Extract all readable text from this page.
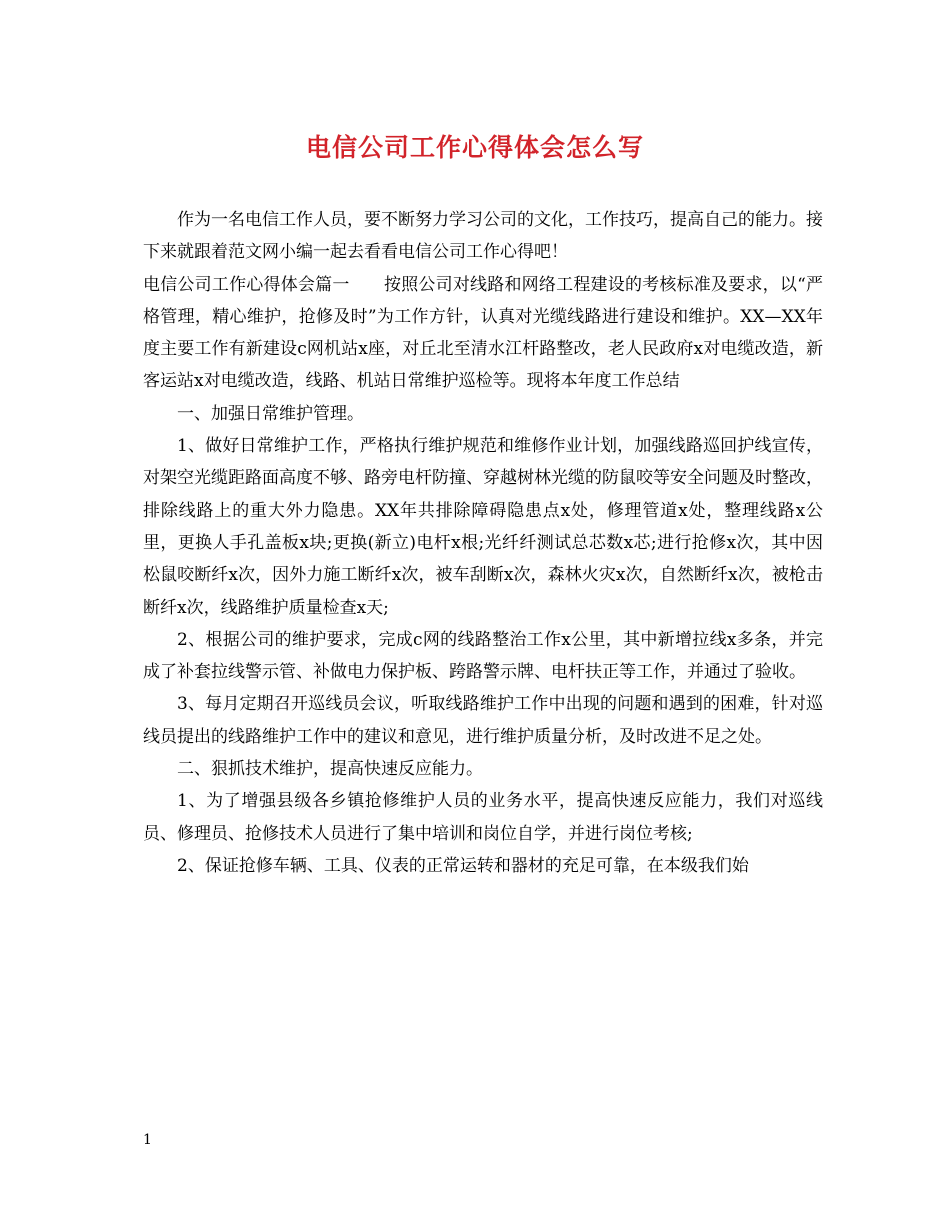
电信公司工作心得体会怎么写

作为一名电信工作人员，要不断努力学习公司的文化，工作技巧，提高自己的能力。接下来就跟着范文网小编一起去看看电信公司工作心得吧！

电信公司工作心得体会篇一　　按照公司对线路和网络工程建设的考核标准及要求，以“严格管理，精心维护，抢修及时”为工作方针，认真对光缆线路进行建设和维护。XX—XX年度主要工作有新建设c网机站x座，对丘北至清水江杆路整改，老人民政府x对电缆改造，新客运站x对电缆改造，线路、机站日常维护巡检等。现将本年度工作总结

一、加强日常维护管理。

1、做好日常维护工作，严格执行维护规范和维修作业计划，加强线路巡回护线宣传，对架空光缆距路面高度不够、路旁电杆防撞、穿越树林光缆的防鼠咬等安全问题及时整改，排除线路上的重大外力隐患。XX年共排除障碍隐患点x处，修理管道x处，整理线路x公里，更换人手孔盖板x块;更换(新立)电杆x根;光纤纤测试总芯数x芯;进行抢修x次，其中因松鼠咬断纤x次，因外力施工断纤x次，被车刮断x次，森林火灾x次，自然断纤x次，被枪击断纤x次，线路维护质量检查x天;

2、根据公司的维护要求，完成c网的线路整治工作x公里，其中新增拉线x多条，并完成了补套拉线警示管、补做电力保护板、跨路警示牌、电杆扶正等工作，并通过了验收。

3、每月定期召开巡线员会议，听取线路维护工作中出现的问题和遇到的困难，针对巡线员提出的线路维护工作中的建议和意见，进行维护质量分析，及时改进不足之处。

二、狠抓技术维护，提高快速反应能力。

1、为了增强县级各乡镇抢修维护人员的业务水平，提高快速反应能力，我们对巡线员、修理员、抢修技术人员进行了集中培训和岗位自学，并进行岗位考核;

2、保证抢修车辆、工具、仪表的正常运转和器材的充足可靠，在本级我们始

1
